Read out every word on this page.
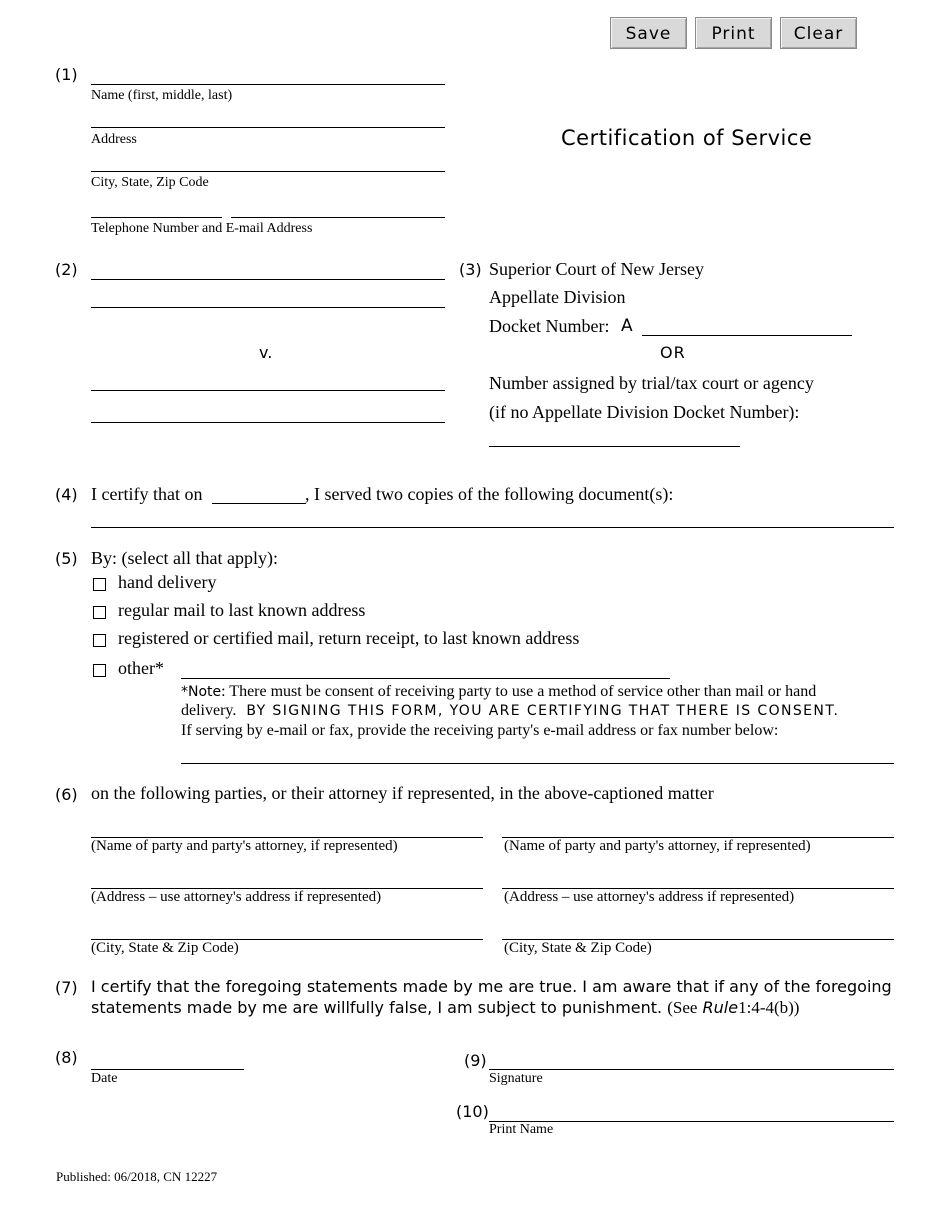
Save	Print	Clear
Certification of Service
(1)
Name (first, middle, last)
Address
City, State, Zip Code
Telephone Number and E-mail Address
(2)
v.
(3) Superior Court of New Jersey
Appellate Division
Docket Number: A
OR
Number assigned by trial/tax court or agency
(if no Appellate Division Docket Number):
(4) I certify that on	, I served two copies of the following document(s):
(5) By: (select all that apply):
hand delivery
regular mail to last known address
registered or certified mail, return receipt, to last known address
other*
*Note: There must be consent of receiving party to use a method of service other than mail or hand
delivery. BY SIGNING THIS FORM, YOU ARE CERTIFYING THAT THERE IS CONSENT.
If serving by e-mail or fax, provide the receiving party's e-mail address or fax number below:
(6) on the following parties, or their attorney if represented, in the above-captioned matter
(Name of party and party's attorney, if represented)	(Name of party and party's attorney, if represented)
(Address – use attorney's address if represented)	(Address – use attorney's address if represented)
(City, State & Zip Code)	(City, State & Zip Code)
(7) I certify that the foregoing statements made by me are true. I am aware that if any of the foregoing
statements made by me are willfully false, I am subject to punishment. (See Rule1:4-4(b))
(8)
Date
(9)
Signature
(10)
Print Name
Published: 06/2018, CN 12227
